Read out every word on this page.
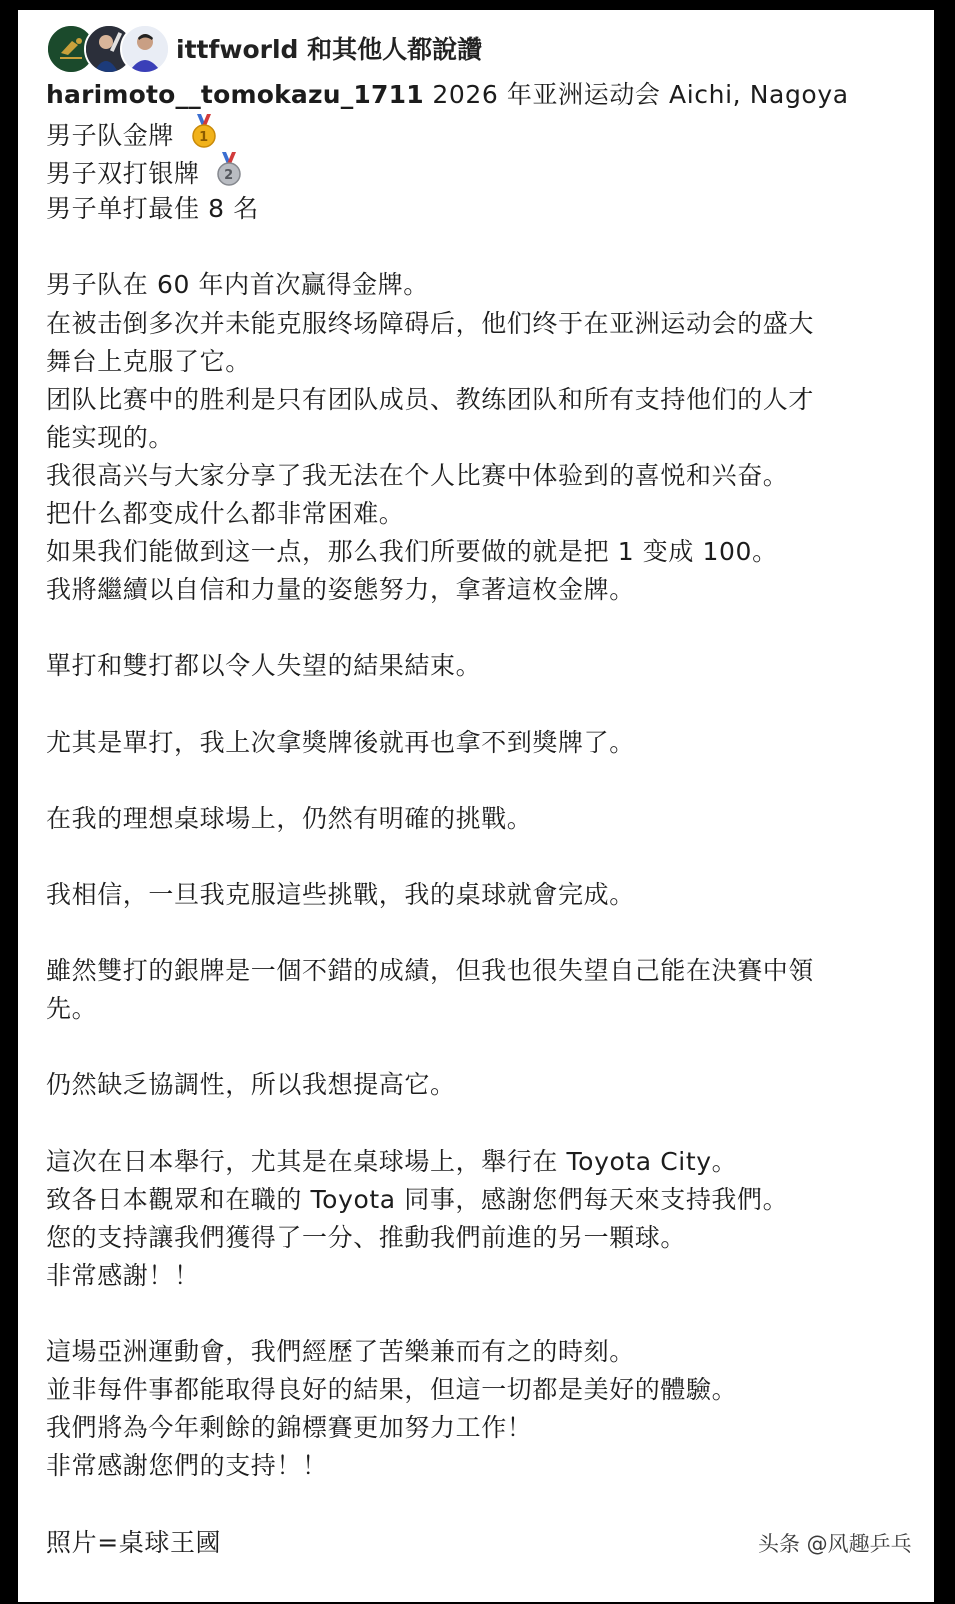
ittfworld 和其他人都說讚
harimoto__tomokazu_1711 2026 年亚洲运动会 Aichi, Nagoya
男子队金牌 1
男子双打银牌 2
男子单打最佳 8 名
男子队在 60 年内首次赢得金牌。
在被击倒多次并未能克服终场障碍后，他们终于在亚洲运动会的盛大
舞台上克服了它。
团队比赛中的胜利是只有团队成员、教练团队和所有支持他们的人才
能实现的。
我很高兴与大家分享了我无法在个人比赛中体验到的喜悦和兴奋。
把什么都变成什么都非常困难。
如果我们能做到这一点，那么我们所要做的就是把 1 变成 100。
我將繼續以自信和力量的姿態努力，拿著這枚金牌。
單打和雙打都以令人失望的結果結束。
尤其是單打，我上次拿獎牌後就再也拿不到獎牌了。
在我的理想桌球場上，仍然有明確的挑戰。
我相信，一旦我克服這些挑戰，我的桌球就會完成。
雖然雙打的銀牌是一個不錯的成績，但我也很失望自己能在決賽中領
先。
仍然缺乏協調性，所以我想提高它。
這次在日本舉行，尤其是在桌球場上，舉行在 Toyota City。
致各日本觀眾和在職的 Toyota 同事，感謝您們每天來支持我們。
您的支持讓我們獲得了一分、推動我們前進的另一顆球。
非常感謝！！
這場亞洲運動會，我們經歷了苦樂兼而有之的時刻。
並非每件事都能取得良好的結果，但這一切都是美好的體驗。
我們將為今年剩餘的錦標賽更加努力工作！
非常感謝您們的支持！！
照片=桌球王國	头条 @风趣乒乓
